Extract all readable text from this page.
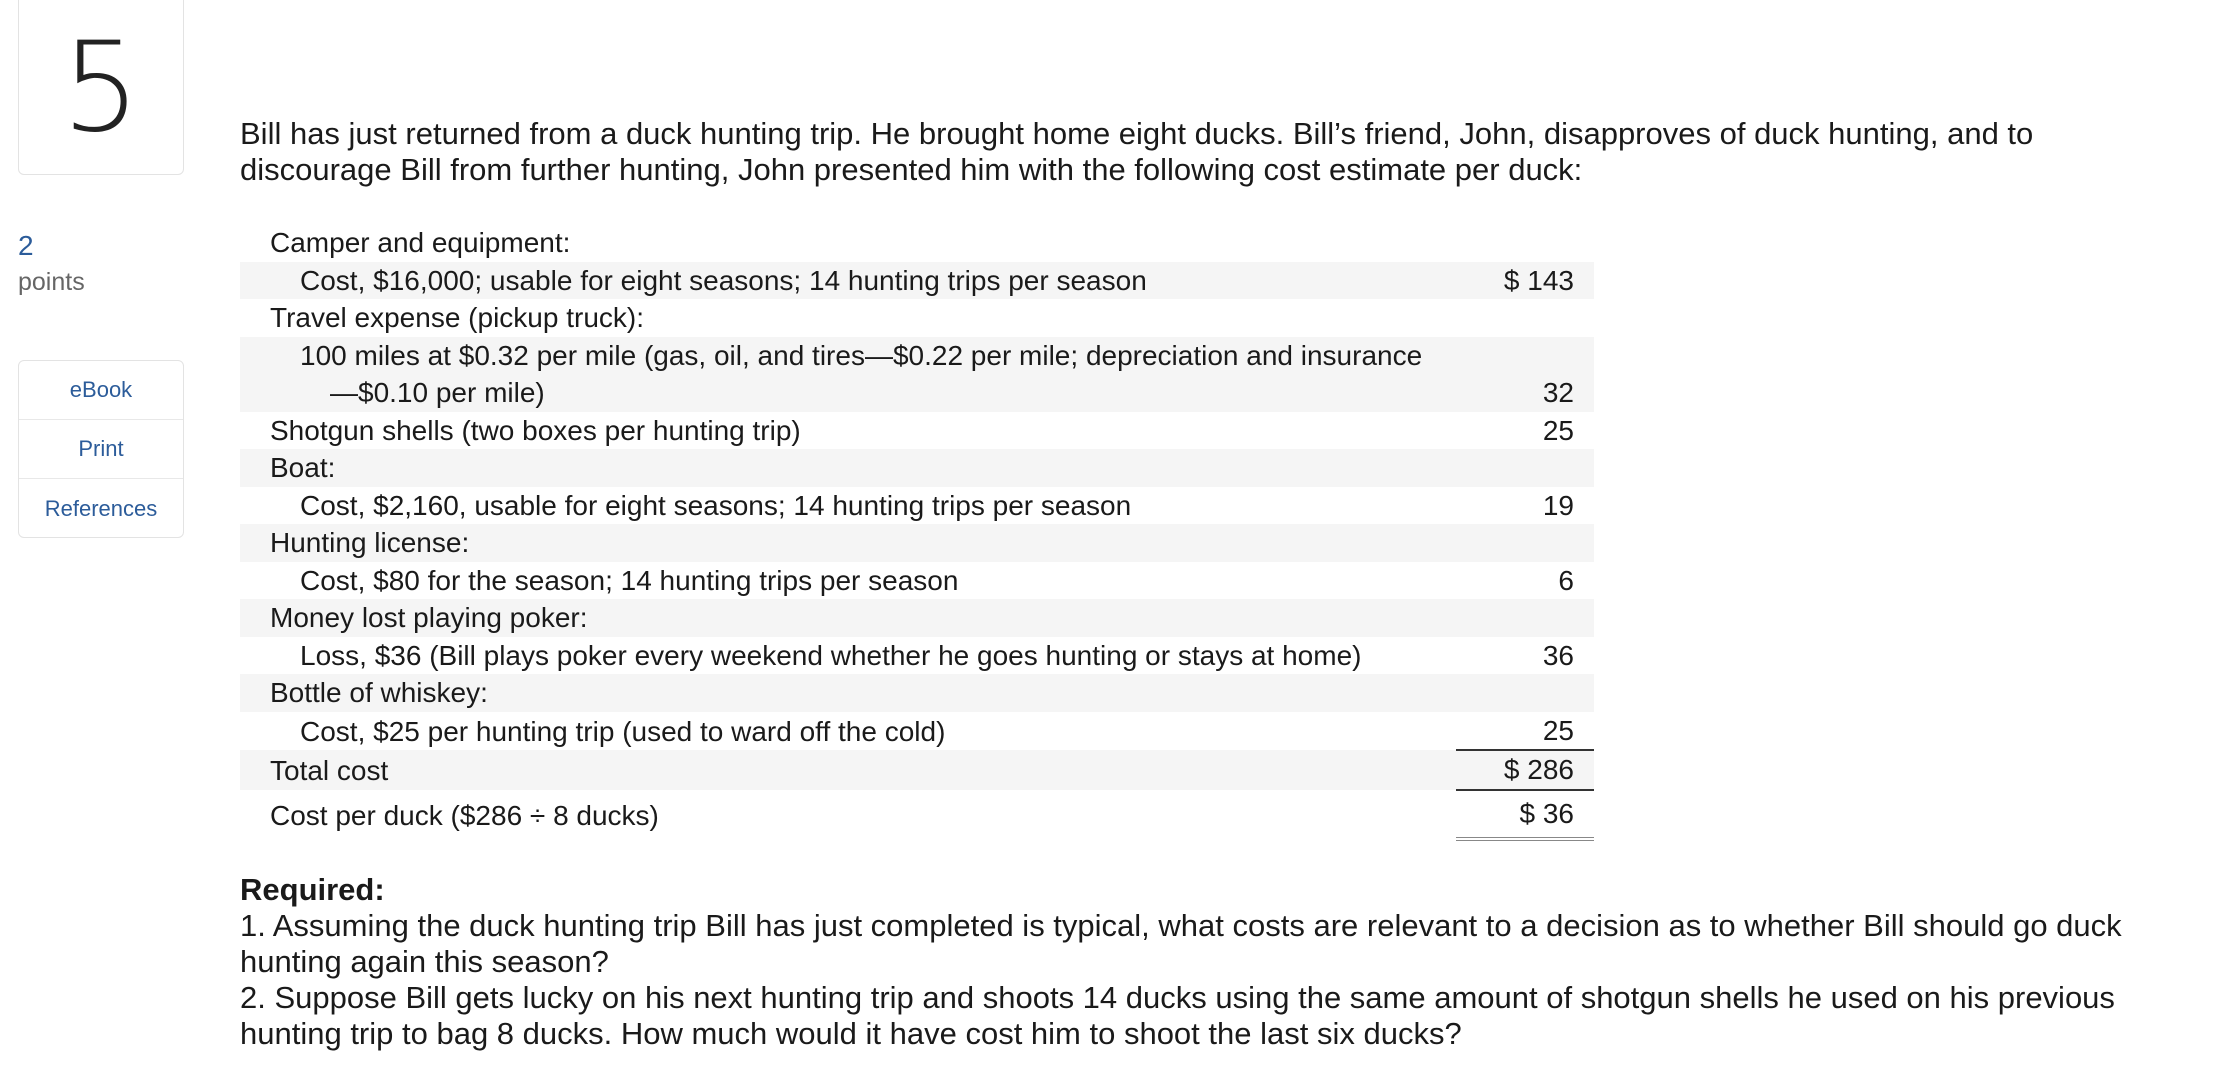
5
2
points
eBook
Print
References

Bill has just returned from a duck hunting trip. He brought home eight ducks. Bill’s friend, John, disapproves of duck hunting, and to discourage Bill from further hunting, John presented him with the following cost estimate per duck:

Camper and equipment:	
Cost, $16,000; usable for eight seasons; 14 hunting trips per season	$ 143
Travel expense (pickup truck):	

100 miles at $0.32 per mile (gas, oil, and tires—$0.22 per mile; depreciation and insurance
—$0.10 per mile)	32
Shotgun shells (two boxes per hunting trip)	25
Boat:	
Cost, $2,160, usable for eight seasons; 14 hunting trips per season	19
Hunting license:	
Cost, $80 for the season; 14 hunting trips per season	6
Money lost playing poker:	
Loss, $36 (Bill plays poker every weekend whether he goes hunting or stays at home)	36
Bottle of whiskey:	
Cost, $25 per hunting trip (used to ward off the cold)	25
Total cost	$ 286
Cost per duck ($286 ÷ 8 ducks)	$ 36
Required:
1. Assuming the duck hunting trip Bill has just completed is typical, what costs are relevant to a decision as to whether Bill should go duck hunting again this season?
2. Suppose Bill gets lucky on his next hunting trip and shoots 14 ducks using the same amount of shotgun shells he used on his previous hunting trip to bag 8 ducks. How much would it have cost him to shoot the last six ducks?
